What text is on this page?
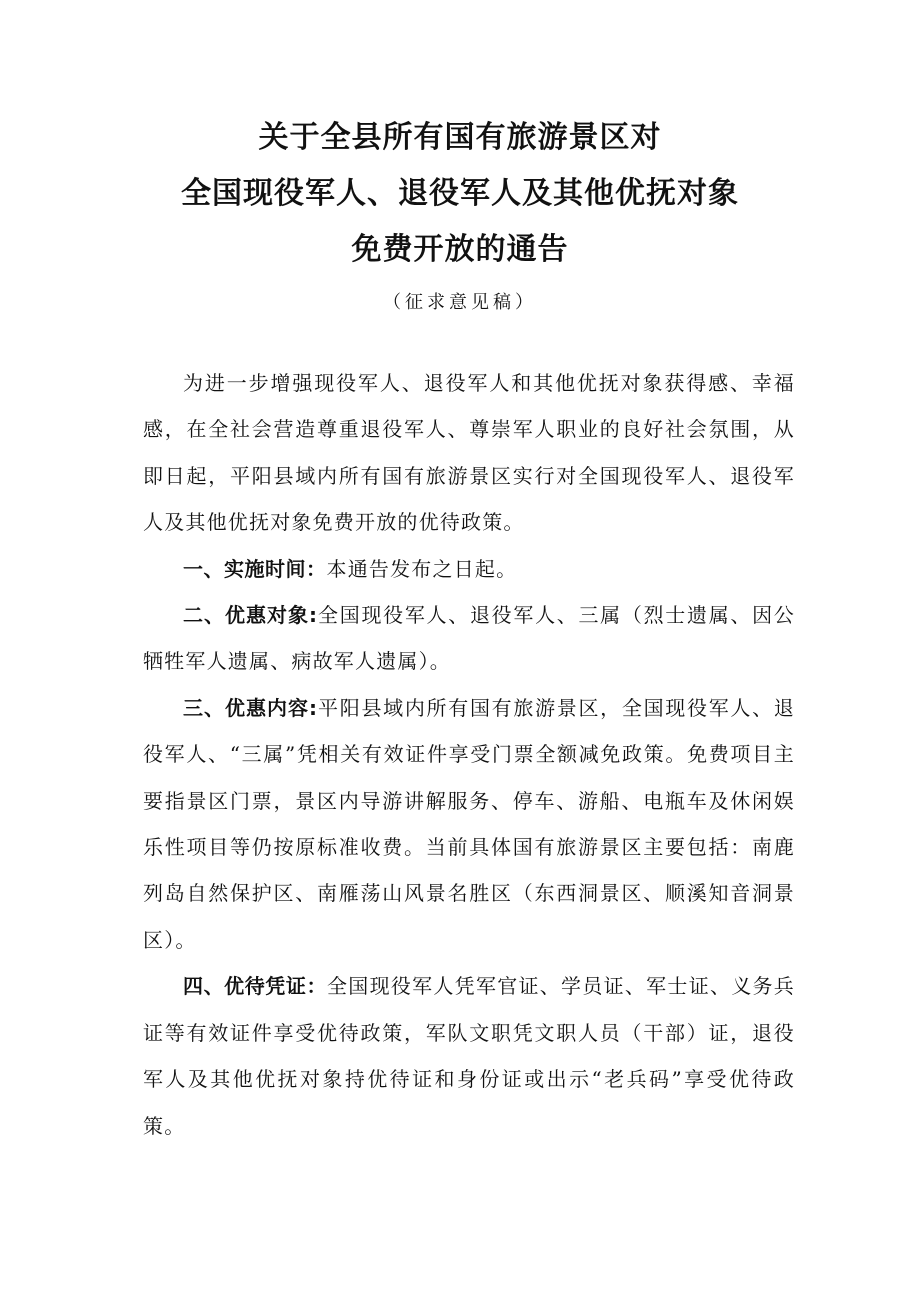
关于全县所有国有旅游景区对
全国现役军人、退役军人及其他优抚对象
免费开放的通告
（征求意见稿）

为进一步增强现役军人、退役军人和其他优抚对象获得感、幸福感，在全社会营造尊重退役军人、尊崇军人职业的良好社会氛围，从即日起，平阳县域内所有国有旅游景区实行对全国现役军人、退役军人及其他优抚对象免费开放的优待政策。

一、实施时间：本通告发布之日起。

二、优惠对象:全国现役军人、退役军人、三属（烈士遗属、因公牺牲军人遗属、病故军人遗属）。

三、优惠内容:平阳县域内所有国有旅游景区，全国现役军人、退役军人、“三属”凭相关有效证件享受门票全额减免政策。免费项目主要指景区门票，景区内导游讲解服务、停车、游船、电瓶车及休闲娱乐性项目等仍按原标准收费。当前具体国有旅游景区主要包括：南鹿列岛自然保护区、南雁荡山风景名胜区（东西洞景区、顺溪知音洞景区）。

四、优待凭证：全国现役军人凭军官证、学员证、军士证、义务兵证等有效证件享受优待政策，军队文职凭文职人员（干部）证，退役军人及其他优抚对象持优待证和身份证或出示“老兵码”享受优待政策。
